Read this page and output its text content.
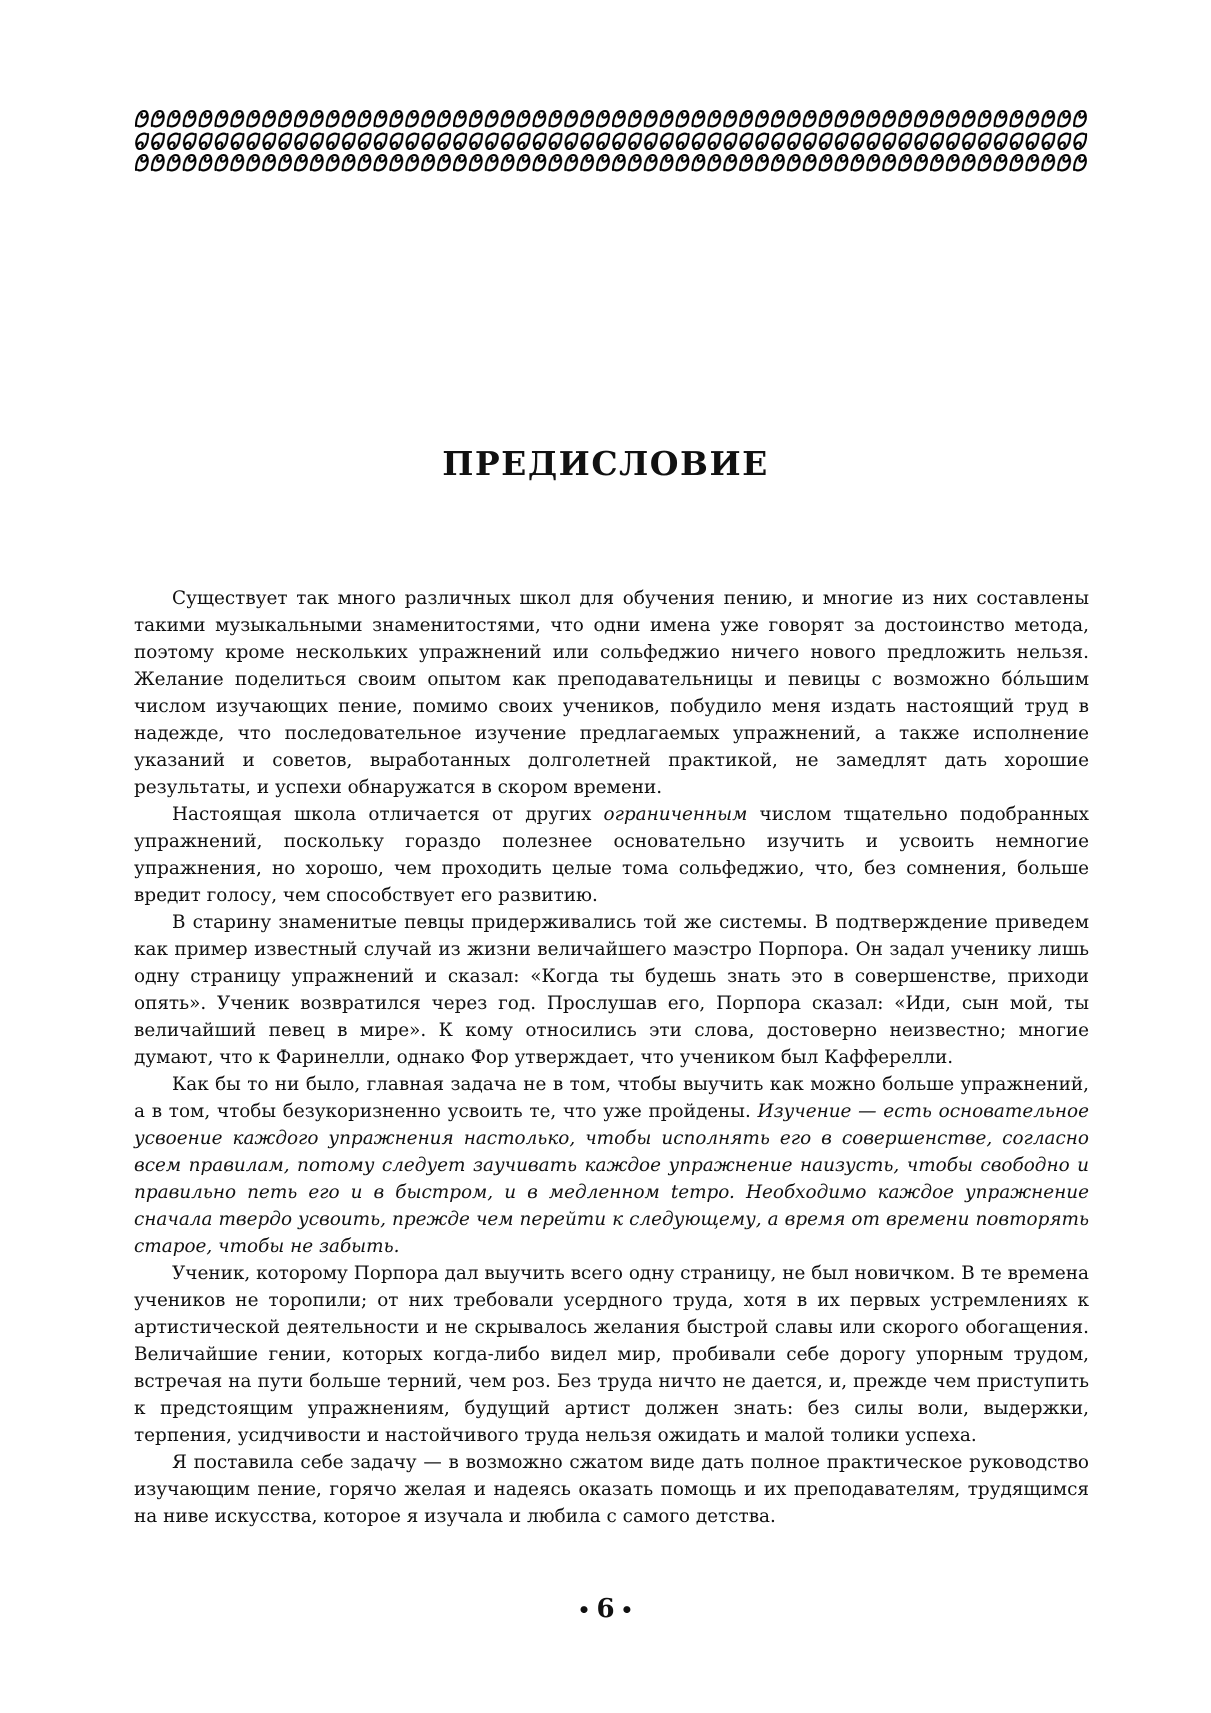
ПРЕДИСЛОВИЕ

Существует так много различных школ для обучения пению, и многие из них составлены такими музыкальными знаменитостями, что одни имена уже говорят за достоинство метода, поэтому кроме нескольких упражнений или сольфеджио ничего нового предложить нельзя. Желание поделиться своим опытом как преподавательницы и певицы с возможно бóльшим числом изучающих пение, помимо своих учеников, побудило меня издать настоящий труд в надежде, что последовательное изучение предлагаемых упражнений, а также исполнение указаний и советов, выработанных долголетней практикой, не замедлят дать хорошие результаты, и успехи обнаружатся в скором времени.

Настоящая школа отличается от других ограниченным числом тщательно подобранных упражнений, поскольку гораздо полезнее основательно изучить и усвоить немногие упражнения, но хорошо, чем проходить целые тома сольфеджио, что, без сомнения, больше вредит голосу, чем способствует его развитию.

В старину знаменитые певцы придерживались той же системы. В подтверждение приведем как пример известный случай из жизни величайшего маэстро Порпора. Он задал ученику лишь одну страницу упражнений и сказал: «Когда ты будешь знать это в совершенстве, приходи опять». Ученик возвратился через год. Прослушав его, Порпора сказал: «Иди, сын мой, ты величайший певец в мире». К кому относились эти слова, достоверно неизвестно; многие думают, что к Фаринелли, однако Фор утверждает, что учеником был Кафферелли.

Как бы то ни было, главная задача не в том, чтобы выучить как можно больше упражнений, а в том, чтобы безукоризненно усвоить те, что уже пройдены. Изучение — есть основательное усвоение каждого упражнения настолько, чтобы исполнять его в совершенстве, согласно всем правилам, потому следует заучивать каждое упражнение наизусть, чтобы свободно и правильно петь его и в быстром, и в медленном tempo. Необходимо каждое упражнение сначала твердо усвоить, прежде чем перейти к следующему, а время от времени повторять старое, чтобы не забыть.

Ученик, которому Порпора дал выучить всего одну страницу, не был новичком. В те времена учеников не торопили; от них требовали усердного труда, хотя в их первых устремлениях к артистической деятельности и не скрывалось желания быстрой славы или скорого обогащения. Величайшие гении, которых когда-либо видел мир, пробивали себе дорогу упорным трудом, встречая на пути больше терний, чем роз. Без труда ничто не дается, и, прежде чем приступить к предстоящим упражнениям, будущий артист должен знать: без силы воли, выдержки, терпения, усидчивости и настойчивого труда нельзя ожидать и малой толики успеха.

Я поставила себе задачу — в возможно сжатом виде дать полное практическое руководство изучающим пение, горячо желая и надеясь оказать помощь и их преподавателям, трудящимся на ниве искусства, которое я изучала и любила с самого детства.

• 6 •
